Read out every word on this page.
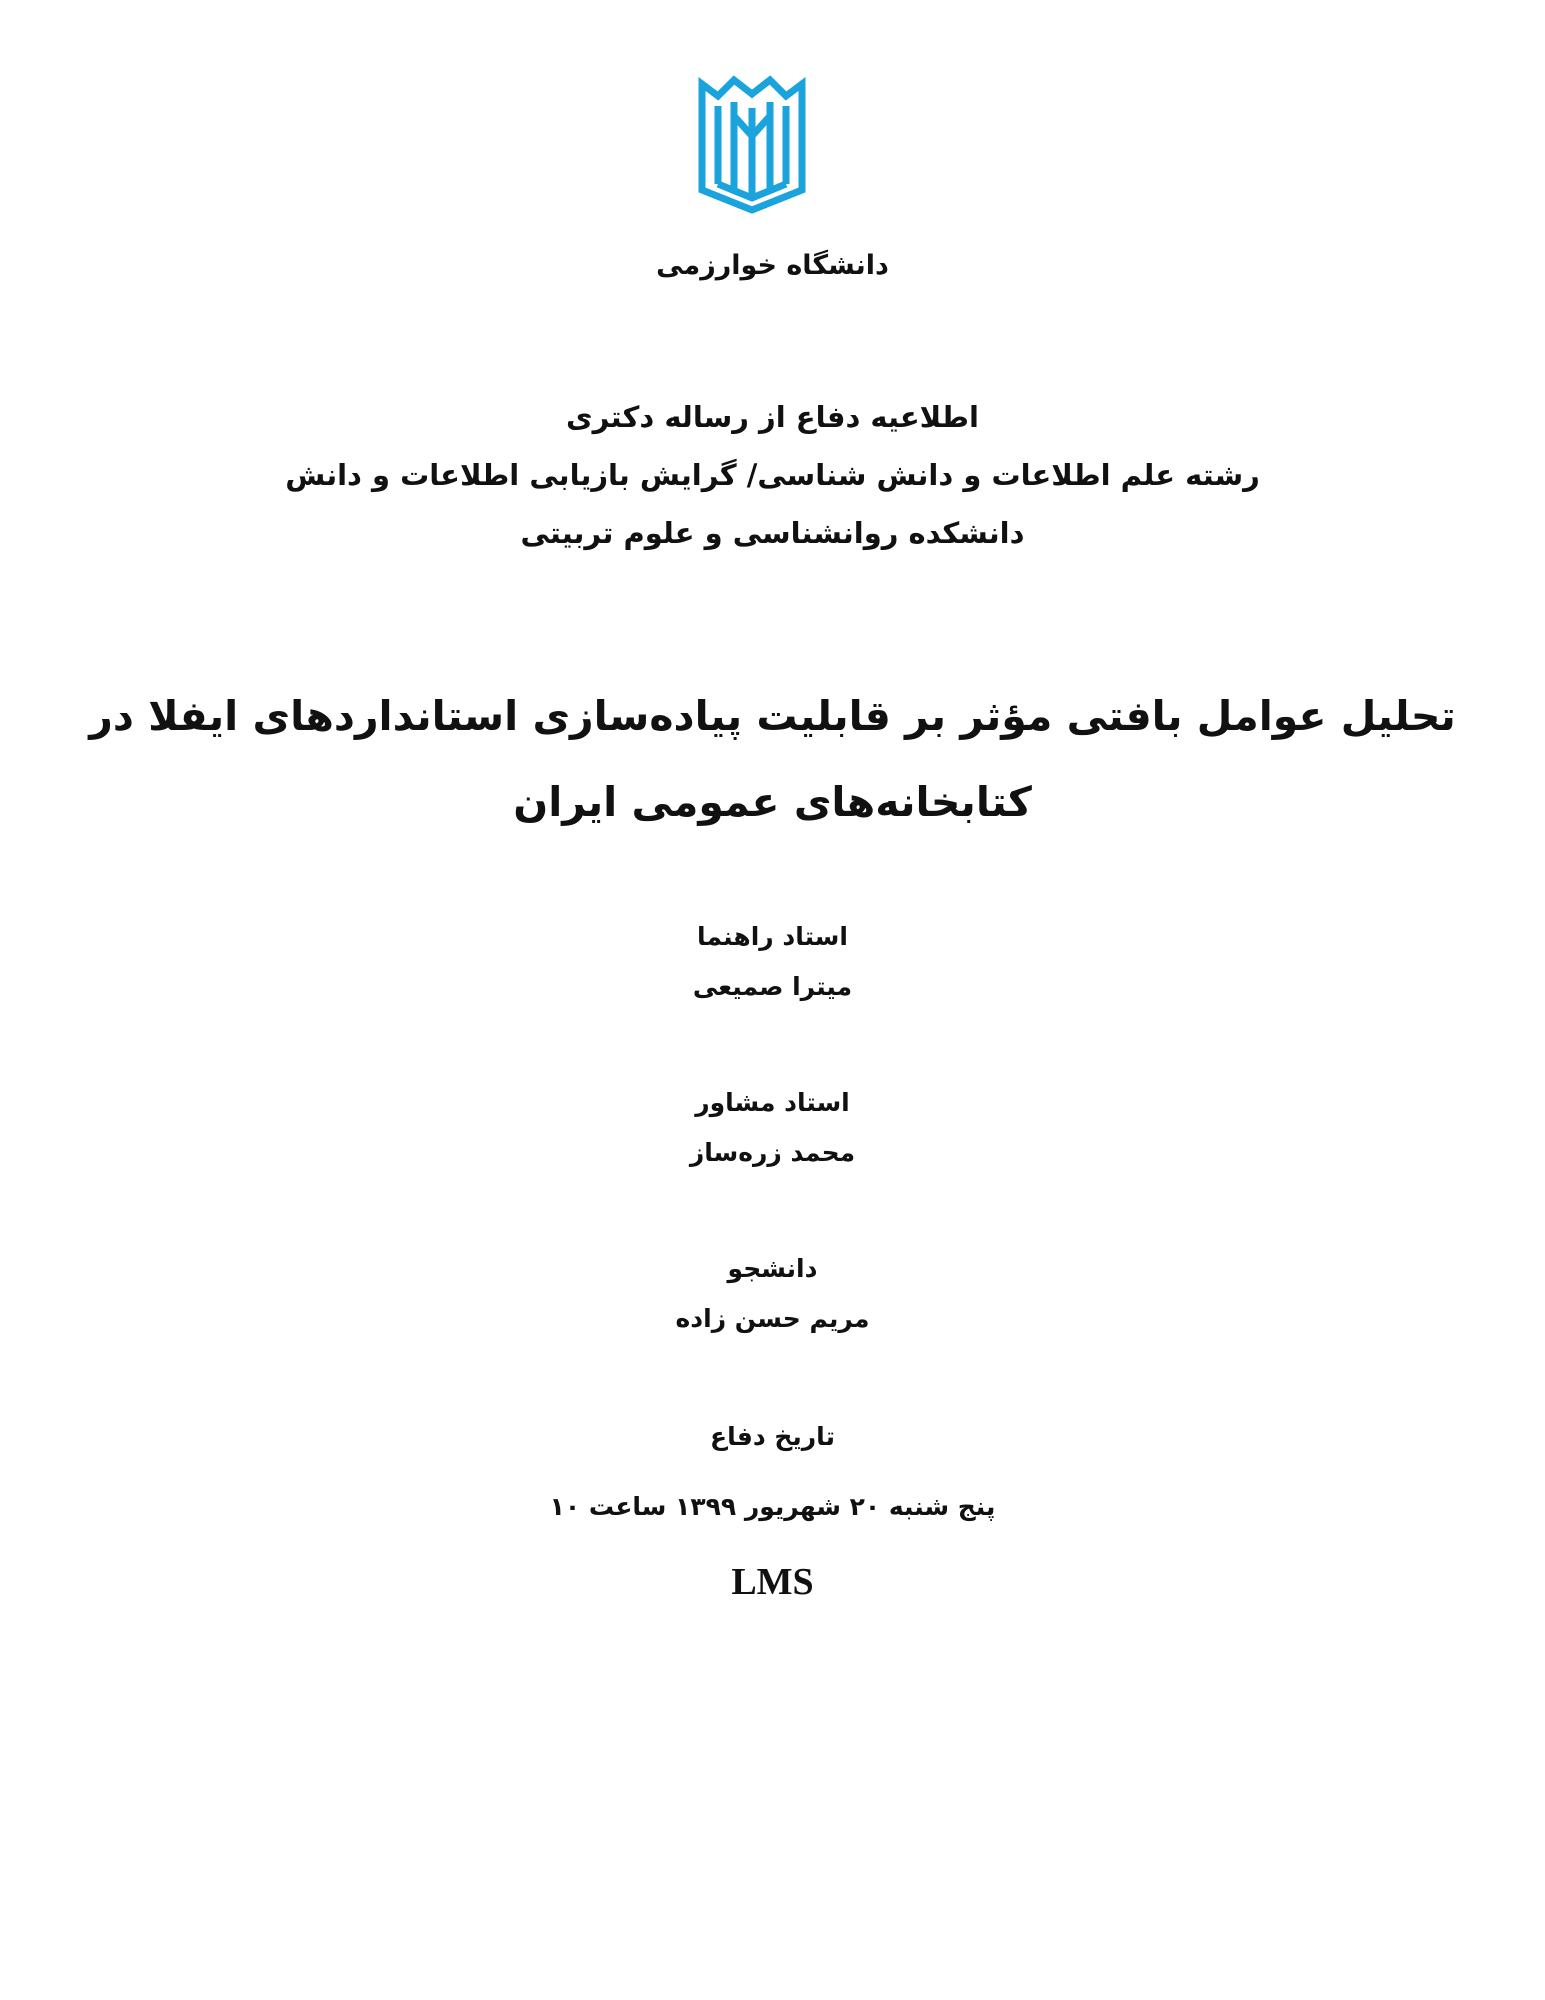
دانشگاه خوارزمی
اطلاعیه دفاع از رساله دکتری
رشته علم اطلاعات و دانش شناسی/ گرایش بازیابی اطلاعات و دانش
دانشکده روانشناسی و علوم تربیتی
تحلیل عوامل بافتی مؤثر بر قابلیت پیاده‌سازی استانداردهای ایفلا در
کتابخانه‌های عمومی ایران
استاد راهنما
میترا صمیعی
استاد مشاور
محمد زره‌ساز
دانشجو
مریم حسن زاده
تاریخ دفاع
پنج شنبه ۲۰ شهریور ۱۳۹۹ ساعت ۱۰
LMS
